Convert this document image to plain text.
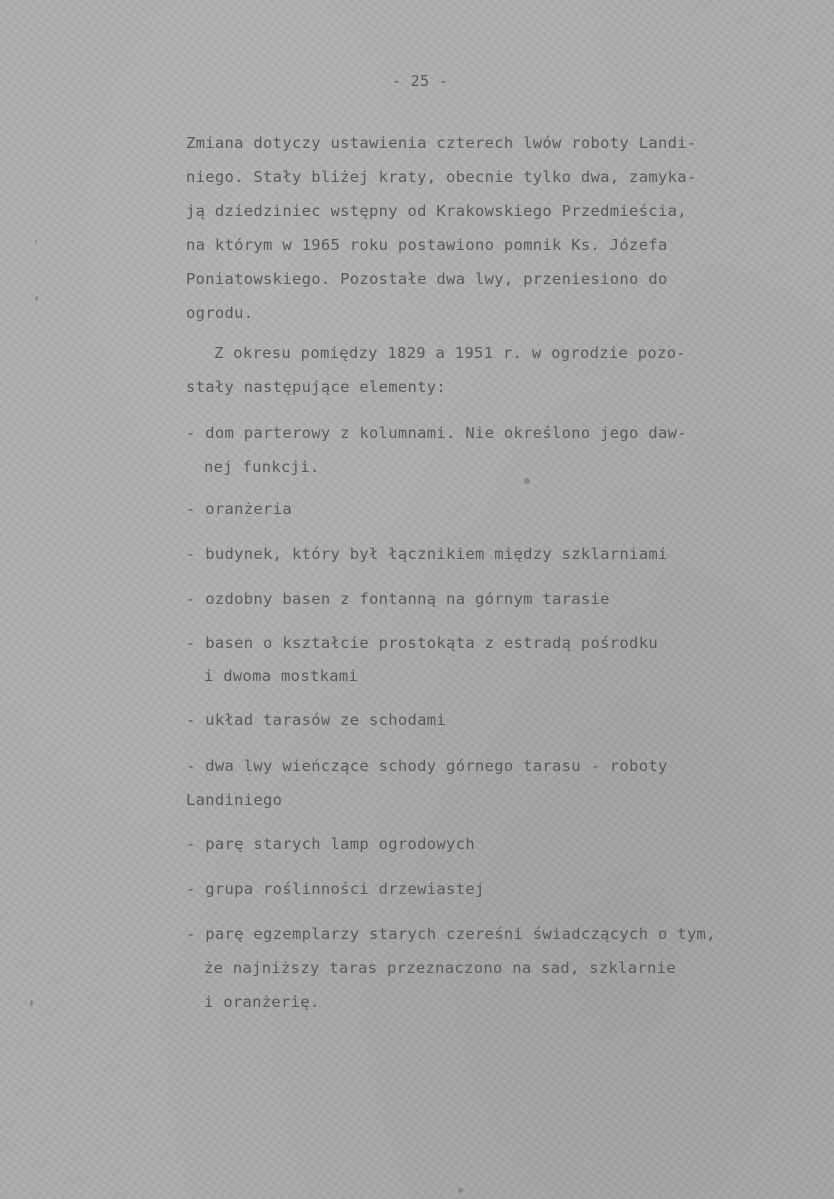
- 25 -

Zmiana dotyczy ustawienia czterech lwów roboty Landi-

niego. Stały bliżej kraty, obecnie tylko dwa, zamyka-

ją dziedziniec wstępny od Krakowskiego Przedmieścia,

na którym w 1965 roku postawiono pomnik Ks. Józefa

Poniatowskiego. Pozostałe dwa lwy, przeniesiono do

ogrodu.

Z okresu pomiędzy 1829 a 1951 r. w ogrodzie pozo-

stały następujące elementy:

- dom parterowy z kolumnami. Nie określono jego daw-

nej funkcji.

- oranżeria

- budynek, który był łącznikiem między szklarniami

- ozdobny basen z fontanną na górnym tarasie

- basen o kształcie prostokąta z estradą pośrodku

i dwoma mostkami

- układ tarasów ze schodami

- dwa lwy wieńczące schody górnego tarasu - roboty

Landiniego

- parę starych lamp ogrodowych

- grupa roślinności drzewiastej

- parę egzemplarzy starych czereśni świadczących o tym,

że najniższy taras przeznaczono na sad, szklarnie

i oranżerię.
